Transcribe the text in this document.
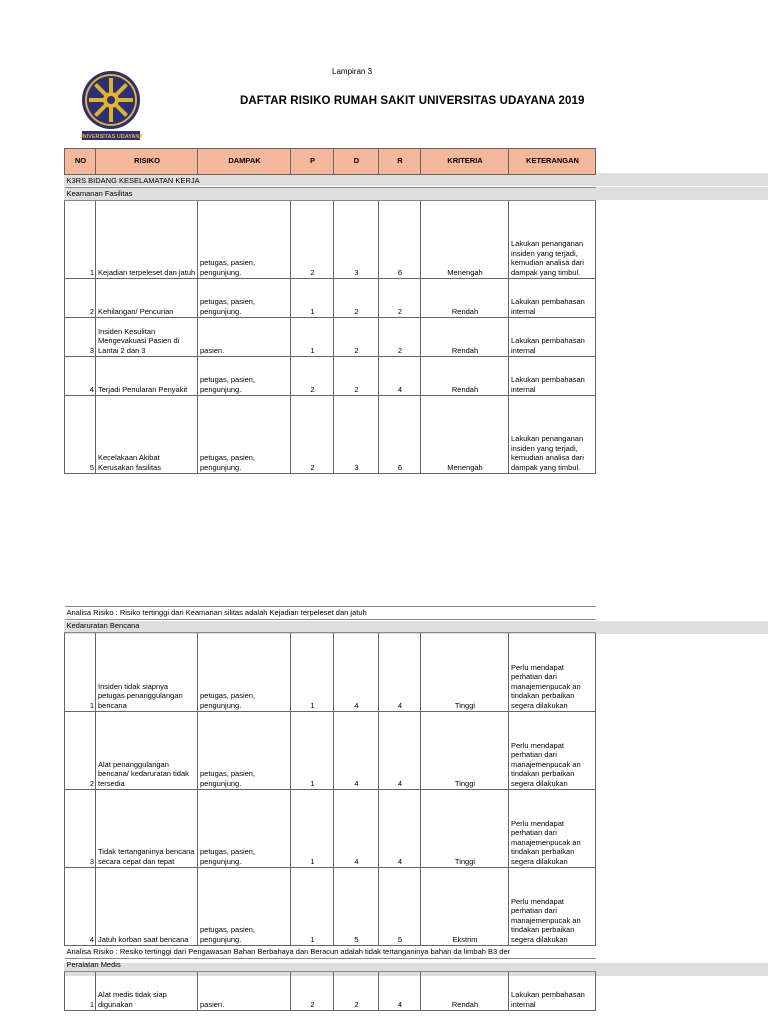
UNIVERSITAS UDAYANA
Lampiran 3
DAFTAR RISIKO RUMAH SAKIT UNIVERSITAS UDAYANA 2019
NO	RISIKO	DAMPAK	P	D	R	KRITERIA	KETERANGAN
K3RS BIDANG KESELAMATAN KERJA							
Keamanan Fasilitas							
1	Kejadian terpeleset dan jatuh	petugas, pasien, pengunjung.	2	3	6	Menengah	Lakukan penanganan insiden yang terjadi, kemudian analisa dari dampak yang timbul.
2	Kehilangan/ Pencurian	petugas, pasien, pengunjung.	1	2	2	Rendah	Lakukan pembahasan internal
3	Insiden Kesulitan Mengevakuasi Pasien di Lantai 2 dan 3	pasien.	1	2	2	Rendah	Lakukan pembahasan internal
4	Terjadi Penularan Penyakit	petugas, pasien, pengunjung.	2	2	4	Rendah	Lakukan pembahasan internal
5	Kecelakaan Akibat Kerusakan fasilitas	petugas, pasien, pengunjung.	2	3	6	Menengah	Lakukan penanganan insiden yang terjadi, kemudian analisa dari dampak yang timbul.
Analisa Risiko : Risiko tertinggi dari Keamanan silitas adalah Kejadian terpeleset dan jatuh							
Kedaruratan Bencana							
1	Insiden tidak siapnya petugas penanggulangan bencana	petugas, pasien, pengunjung.	1	4	4	Tinggi	Perlu mendapat perhatian dari manajemenpucak an tindakan perbaikan segera dilakukan
2	Alat penanggulangan bencana/ kedaruratan tidak tersedia	petugas, pasien, pengunjung.	1	4	4	Tinggi	Perlu mendapat perhatian dari manajemenpucak an tindakan perbaikan segera dilakukan
3	Tidak tertanganinya bencana secara cepat dan tepat	petugas, pasien, pengunjung.	1	4	4	Tinggi	Perlu mendapat perhatian dari manajemenpucak an tindakan perbaikan segera dilakukan
4	Jatuh korban saat bencana	petugas, pasien, pengunjung.	1	5	5	Ekstrim	Perlu mendapat perhatian dari manajemenpucak an tindakan perbaikan segera dilakukan
Analisa Risiko : Resiko tertinggi dari Pengawasan Bahan Berbahaya dan Beracun adalah tidak tertanganinya bahan da limbah B3 der							
Peralatan Medis							
1	Alat medis tidak siap digunakan	pasien.	2	2	4	Rendah	Lakukan pembahasan internal
